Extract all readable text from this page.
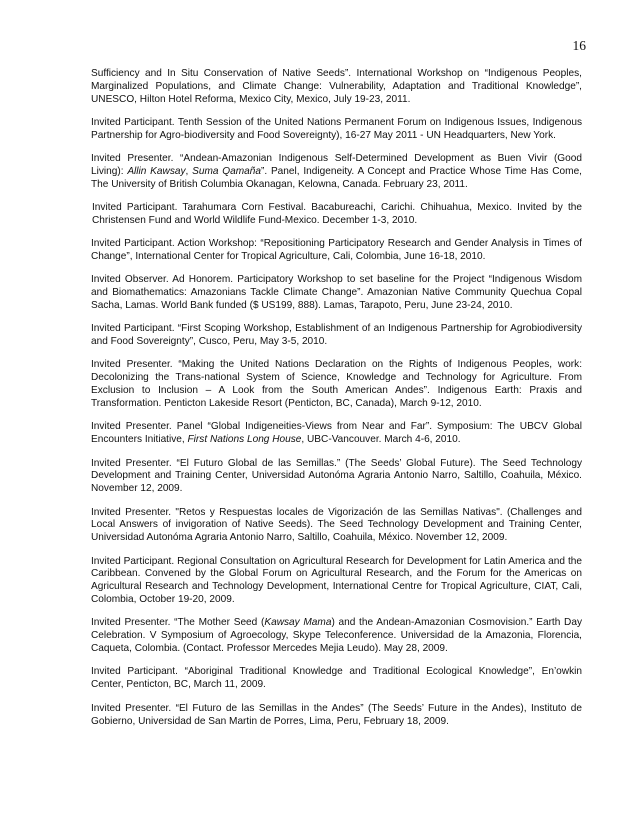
16

Sufficiency and In Situ Conservation of Native Seeds”. International Workshop on “Indigenous Peoples, Marginalized Populations, and Climate Change: Vulnerability, Adaptation and Traditional Knowledge”, UNESCO, Hilton Hotel Reforma, Mexico City, Mexico, July 19-23, 2011.

Invited Participant. Tenth Session of the United Nations Permanent Forum on Indigenous Issues, Indigenous Partnership for Agro-biodiversity and Food Sovereignty), 16-27 May 2011 - UN Headquarters, New York.

Invited Presenter. “Andean-Amazonian Indigenous Self-Determined Development as Buen Vivir (Good Living): Allin Kawsay, Suma Qamaña”. Panel, Indigeneity. A Concept and Practice Whose Time Has Come, The University of British Columbia Okanagan, Kelowna, Canada. February 23, 2011.

Invited Participant. Tarahumara Corn Festival. Bacabureachi, Carichi. Chihuahua, Mexico. Invited by the Christensen Fund and World Wildlife Fund-Mexico. December 1-3, 2010.

Invited Participant. Action Workshop: “Repositioning Participatory Research and Gender Analysis in Times of Change”, International Center for Tropical Agriculture, Cali, Colombia, June 16-18, 2010.

Invited Observer. Ad Honorem. Participatory Workshop to set baseline for the Project “Indigenous Wisdom and Biomathematics: Amazonians Tackle Climate Change”. Amazonian Native Community Quechua Copal Sacha, Lamas. World Bank funded ($ US199, 888). Lamas, Tarapoto, Peru, June 23-24, 2010.

Invited Participant. “First Scoping Workshop, Establishment of an Indigenous Partnership for Agrobiodiversity and Food Sovereignty”, Cusco, Peru, May 3-5, 2010.

Invited Presenter. “Making the United Nations Declaration on the Rights of Indigenous Peoples, work: Decolonizing the Trans-national System of Science, Knowledge and Technology for Agriculture. From Exclusion to Inclusion – A Look from the South American Andes”. Indigenous Earth: Praxis and Transformation. Penticton Lakeside Resort (Penticton, BC, Canada), March 9-12, 2010.

Invited Presenter. Panel “Global Indigeneities-Views from Near and Far”. Symposium: The UBCV Global Encounters Initiative, First Nations Long House, UBC-Vancouver. March 4-6, 2010.

Invited Presenter. “El Futuro Global de las Semillas.” (The Seeds’ Global Future). The Seed Technology Development and Training Center, Universidad Autonóma Agraria Antonio Narro, Saltillo, Coahuila, México. November 12, 2009.

Invited Presenter. "Retos y Respuestas locales de Vigorización de las Semillas Nativas". (Challenges and Local Answers of invigoration of Native Seeds). The Seed Technology Development and Training Center, Universidad Autonóma Agraria Antonio Narro, Saltillo, Coahuila, México. November 12, 2009.

Invited Participant. Regional Consultation on Agricultural Research for Development for Latin America and the Caribbean. Convened by the Global Forum on Agricultural Research, and the Forum for the Americas on Agricultural Research and Technology Development, International Centre for Tropical Agriculture, CIAT, Cali, Colombia, October 19-20, 2009.

Invited Presenter. “The Mother Seed (Kawsay Mama) and the Andean-Amazonian Cosmovision.” Earth Day Celebration. V Symposium of Agroecology, Skype Teleconference. Universidad de la Amazonia, Florencia, Caqueta, Colombia. (Contact. Professor Mercedes Mejia Leudo). May 28, 2009.

Invited Participant. “Aboriginal Traditional Knowledge and Traditional Ecological Knowledge”, En’owkin Center, Penticton, BC, March 11, 2009.

Invited Presenter. “El Futuro de las Semillas in the Andes” (The Seeds’ Future in the Andes), Instituto de Gobierno, Universidad de San Martin de Porres, Lima, Peru, February 18, 2009.
